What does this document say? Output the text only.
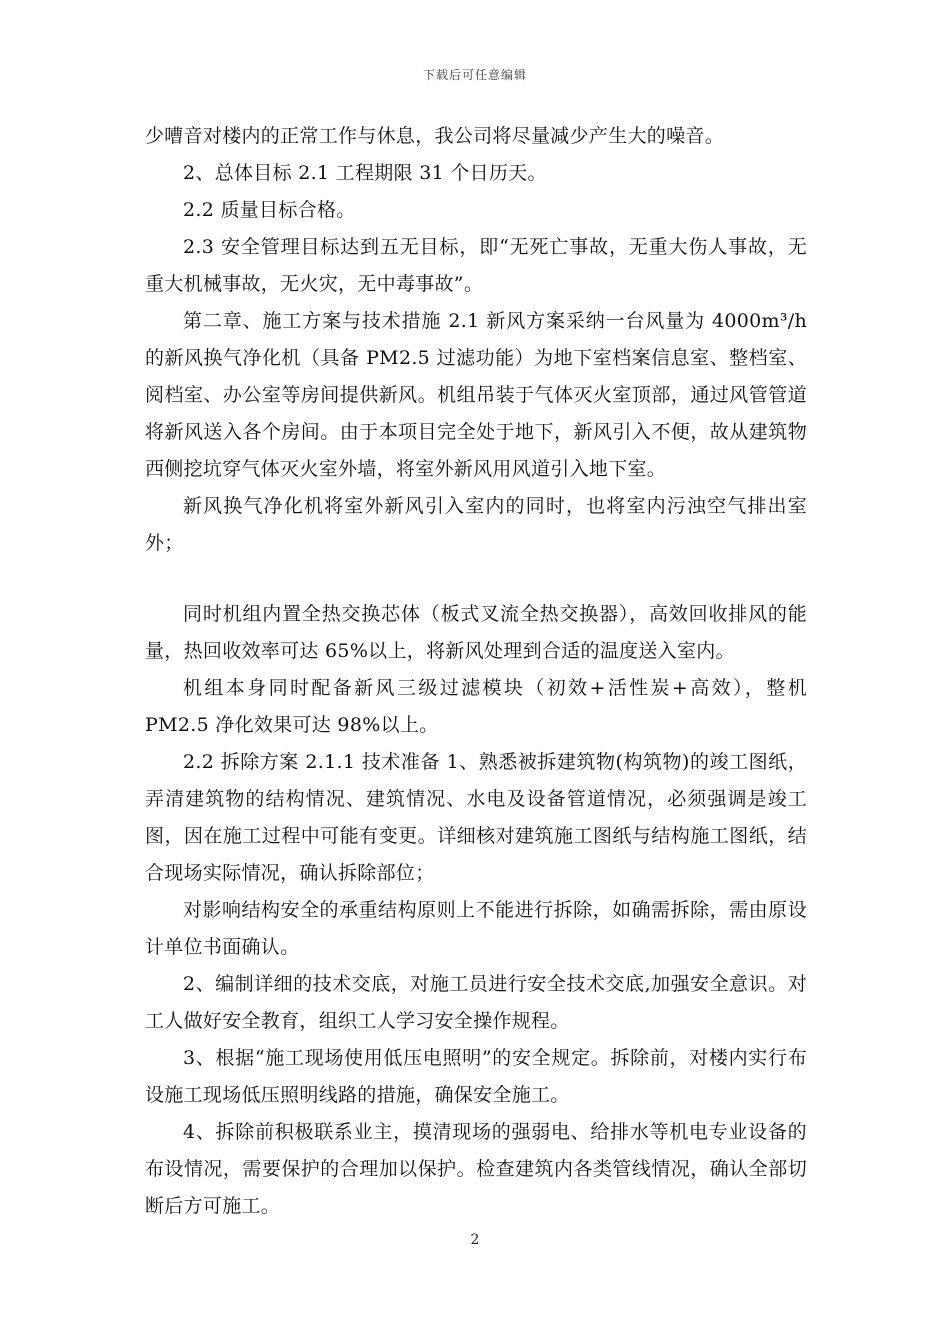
下载后可任意编辑

少嘈音对楼内的正常工作与休息，我公司将尽量减少产生大的噪音。

2、总体目标 2.1 工程期限 31 个日历天。

2.2 质量目标合格。

2.3 安全管理目标达到五无目标，即“无死亡事故，无重大伤人事故，无重大机械事故，无火灾，无中毒事故”。

第二章、施工方案与技术措施 2.1 新风方案采纳一台风量为 4000m³/h 的新风换气净化机（具备 PM2.5 过滤功能）为地下室档案信息室、整档室、阅档室、办公室等房间提供新风。机组吊装于气体灭火室顶部，通过风管管道将新风送入各个房间。由于本项目完全处于地下，新风引入不便，故从建筑物西侧挖坑穿气体灭火室外墙，将室外新风用风道引入地下室。

新风换气净化机将室外新风引入室内的同时，也将室内污浊空气排出室外；

同时机组内置全热交换芯体（板式叉流全热交换器），高效回收排风的能量，热回收效率可达 65%以上，将新风处理到合适的温度送入室内。

机组本身同时配备新风三级过滤模块（初效+活性炭+高效），整机 PM2.5 净化效果可达 98%以上。

2.2 拆除方案 2.1.1 技术准备 1、熟悉被拆建筑物(构筑物)的竣工图纸，弄清建筑物的结构情况、建筑情况、水电及设备管道情况，必须强调是竣工图，因在施工过程中可能有变更。详细核对建筑施工图纸与结构施工图纸，结合现场实际情况，确认拆除部位；

对影响结构安全的承重结构原则上不能进行拆除，如确需拆除，需由原设计单位书面确认。

2、编制详细的技术交底，对施工员进行安全技术交底,加强安全意识。对工人做好安全教育，组织工人学习安全操作规程。

3、根据“施工现场使用低压电照明”的安全规定。拆除前，对楼内实行布设施工现场低压照明线路的措施，确保安全施工。

4、拆除前积极联系业主，摸清现场的强弱电、给排水等机电专业设备的布设情况，需要保护的合理加以保护。检查建筑内各类管线情况，确认全部切断后方可施工。

2
